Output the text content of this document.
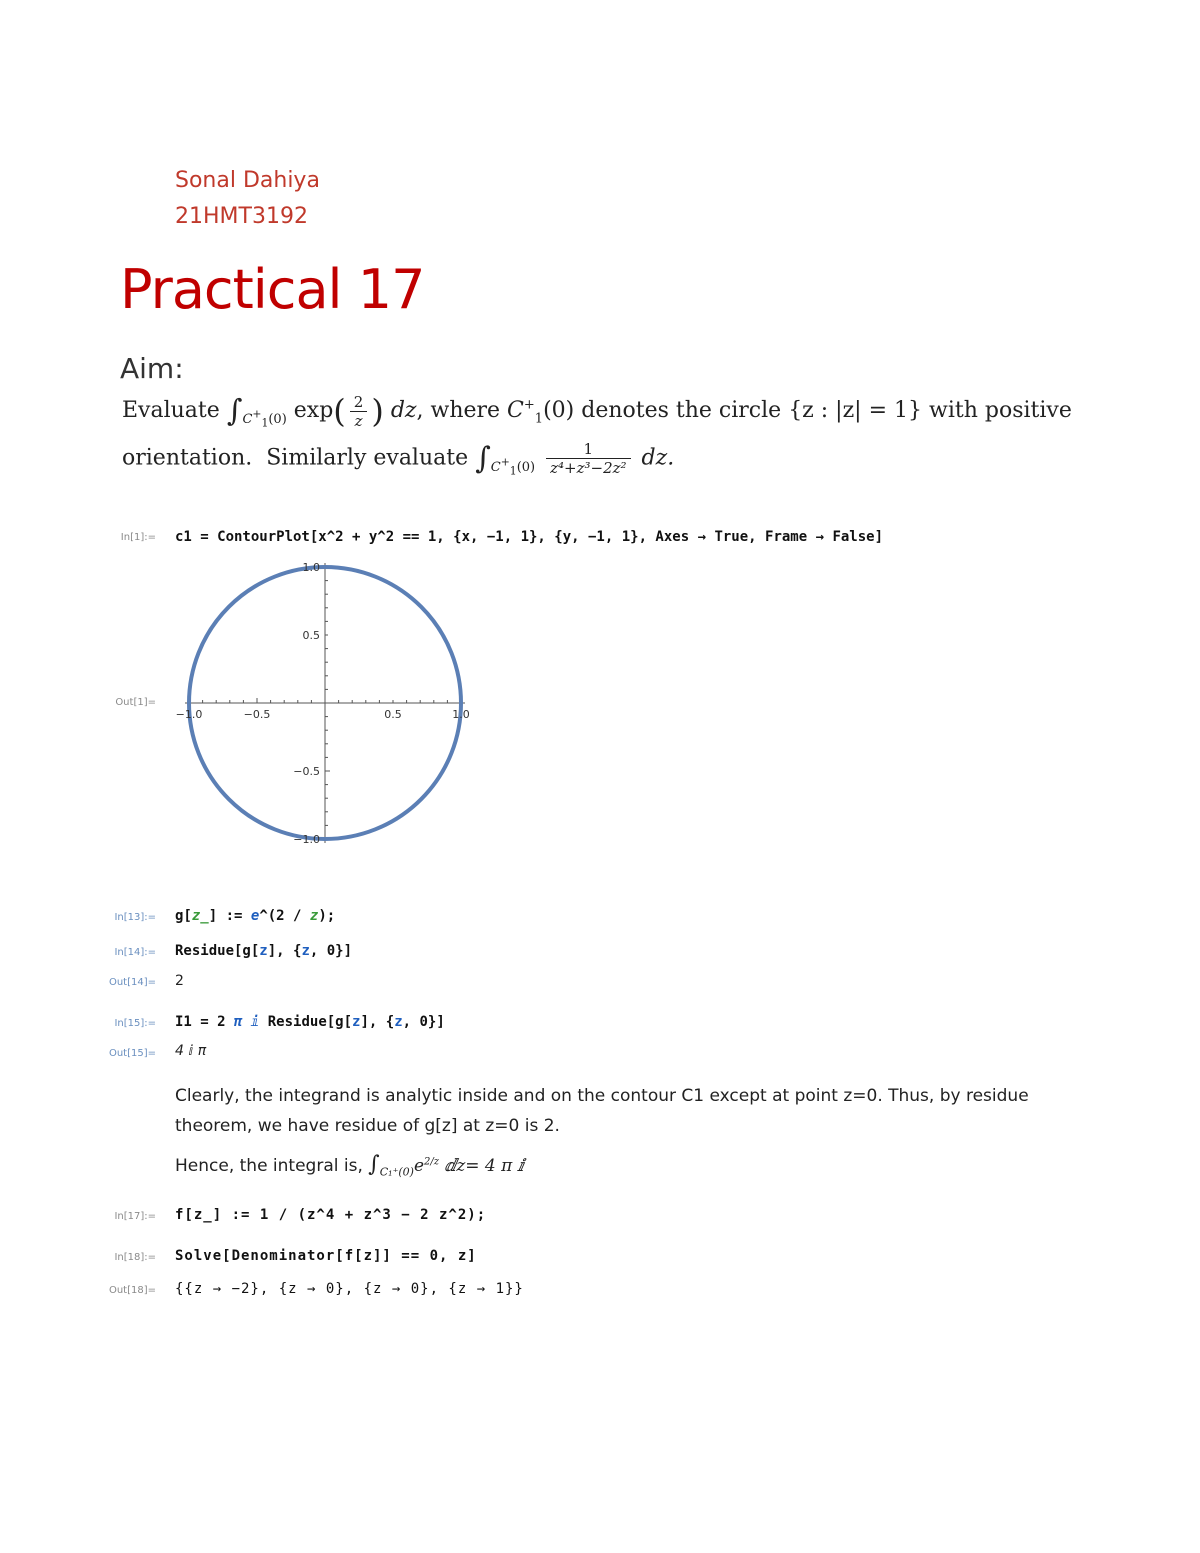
Sonal Dahiya
21HMT3192
Practical 17
Aim:
Evaluate $\int_{C^+_1(0)}$ $\exp( \frac{2}{z}$ ) dz, where $C^+_1(0)$ denotes the circle {z : |z| = 1} with positive
orientation. Similarly evaluate $\int_{C^+_1(0)} \frac{1}{\text{z⁴+z³−2z²}}$ dz.
In[1]:= c1 = ContourPlot[x^2 + y^2 == 1, {x, −1, 1}, {y, −1, 1}, Axes → True, Frame → False]
Out[1]=
−1.0	−0.5	0.5	1.0
1.0
0.5
−0.5
−1.0
In[13]:= g[z_] := e^(2 / z);
In[14]:= Residue[g[z], {z, 0}]
Out[14]= 2
In[15]:= I1 = 2 π ⅈ Residue[g[z], {z, 0}]
Out[15]= 4 ⅈ π
Clearly, the integrand is analytic inside and on the contour C1 except at point z=0. Thus, by residue
theorem, we have residue of g[z] at z=0 is 2.
Hence, the integral is, $\int_{C_1^+(0)}e^{2/z}$ ⅆz= 4 π ⅈ
In[17]:= f[z_] := 1 / (z^4 + z^3 − 2 z^2);
In[18]:= Solve[Denominator[f[z]] == 0, z]
Out[18]= {{z → −2}, {z → 0}, {z → 0}, {z → 1}}
